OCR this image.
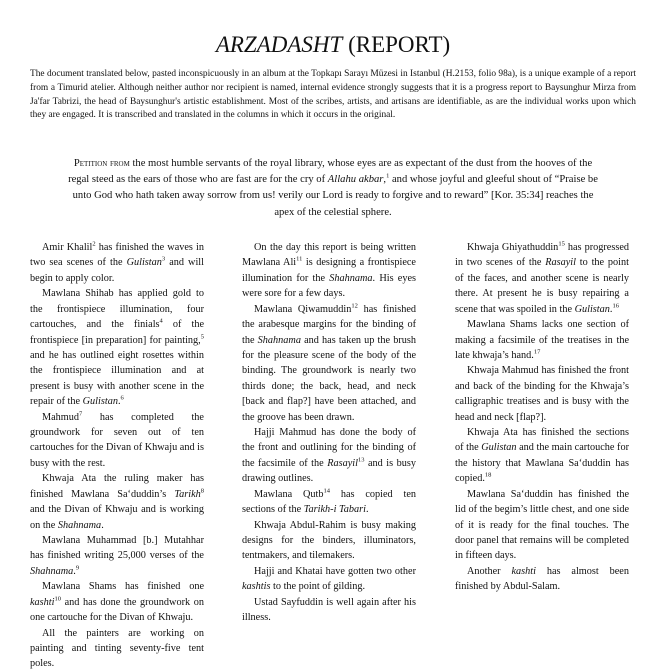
ARZADASHT (REPORT)
The document translated below, pasted inconspicuously in an album at the Topkapı Sarayı Müzesi in Istanbul (H.2153, folio 98a), is a unique example of a report from a Timurid atelier. Although neither author nor recipient is named, internal evidence strongly suggests that it is a progress report to Baysunghur Mirza from Ja'far Tabrizi, the head of Baysunghur's artistic establishment. Most of the scribes, artists, and artisans are identifiable, as are the individual works upon which they are engaged. It is transcribed and translated in the columns in which it occurs in the original.
Petition from the most humble servants of the royal library, whose eyes are as expectant of the dust from the hooves of the regal steed as the ears of those who are fast are for the cry of Allahu akbar,$^1$ and whose joyful and gleeful shout of “Praise be unto God who hath taken away sorrow from us! verily our Lord is ready to forgive and to reward” [Kor. 35:34] reaches the apex of the celestial sphere.

Amir Khalil$^2$ has finished the waves in two sea scenes of the Gulistan$^3$ and will begin to apply color.

Mawlana Shihab has applied gold to the frontispiece illumination, four cartouches, and the finials$^4$ of the frontispiece [in preparation] for painting,$^5$ and he has outlined eight rosettes within the frontispiece illumination and at present is busy with another scene in the repair of the Gulistan.$^6$

Mahmud$^7$ has completed the groundwork for seven out of ten cartouches for the Divan of Khwaju and is busy with the rest.

Khwaja Ata the ruling maker has finished Mawlana Sa‘duddin’s Tarikh$^8$ and the Divan of Khwaju and is working on the Shahnama.

Mawlana Muhammad [b.] Mutahhar has finished writing 25,000 verses of the Shahnama.$^9$

Mawlana Shams has finished one kashti$^{10}$ and has done the groundwork on one cartouche for the Divan of Khwaju.

All the painters are working on painting and tinting seventy-five tent poles.

On the day this report is being written Mawlana Ali$^{11}$ is designing a frontispiece illumination for the Shahnama. His eyes were sore for a few days.

Mawlana Qiwamuddin$^{12}$ has finished the arabesque margins for the binding of the Shahnama and has taken up the brush for the pleasure scene of the body of the binding. The groundwork is nearly two thirds done; the back, head, and neck [back and flap?] have been attached, and the groove has been drawn.

Hajji Mahmud has done the body of the front and outlining for the binding of the facsimile of the Rasayil$^{13}$ and is busy drawing outlines.

Mawlana Qutb$^{14}$ has copied ten sections of the Tarikh-i Tabari.

Khwaja Abdul-Rahim is busy making designs for the binders, illuminators, tentmakers, and tilemakers.

Hajji and Khatai have gotten two other kashtis to the point of gilding.

Ustad Sayfuddin is well again after his illness.

Khwaja Ghiyathuddin$^{15}$ has progressed in two scenes of the Rasayil to the point of the faces, and another scene is nearly there. At present he is busy repairing a scene that was spoiled in the Gulistan.$^{16}$

Mawlana Shams lacks one section of making a facsimile of the treatises in the late khwaja’s hand.$^{17}$

Khwaja Mahmud has finished the front and back of the binding for the Khwaja’s calligraphic treatises and is busy with the head and neck [flap?].

Khwaja Ata has finished the sections of the Gulistan and the main cartouche for the history that Mawlana Sa‘duddin has copied.$^{18}$

Mawlana Sa‘duddin has finished the lid of the begim’s little chest, and one side of it is ready for the final touches. The door panel that remains will be completed in fifteen days.

Another kashti has almost been finished by Abdul-Salam.
